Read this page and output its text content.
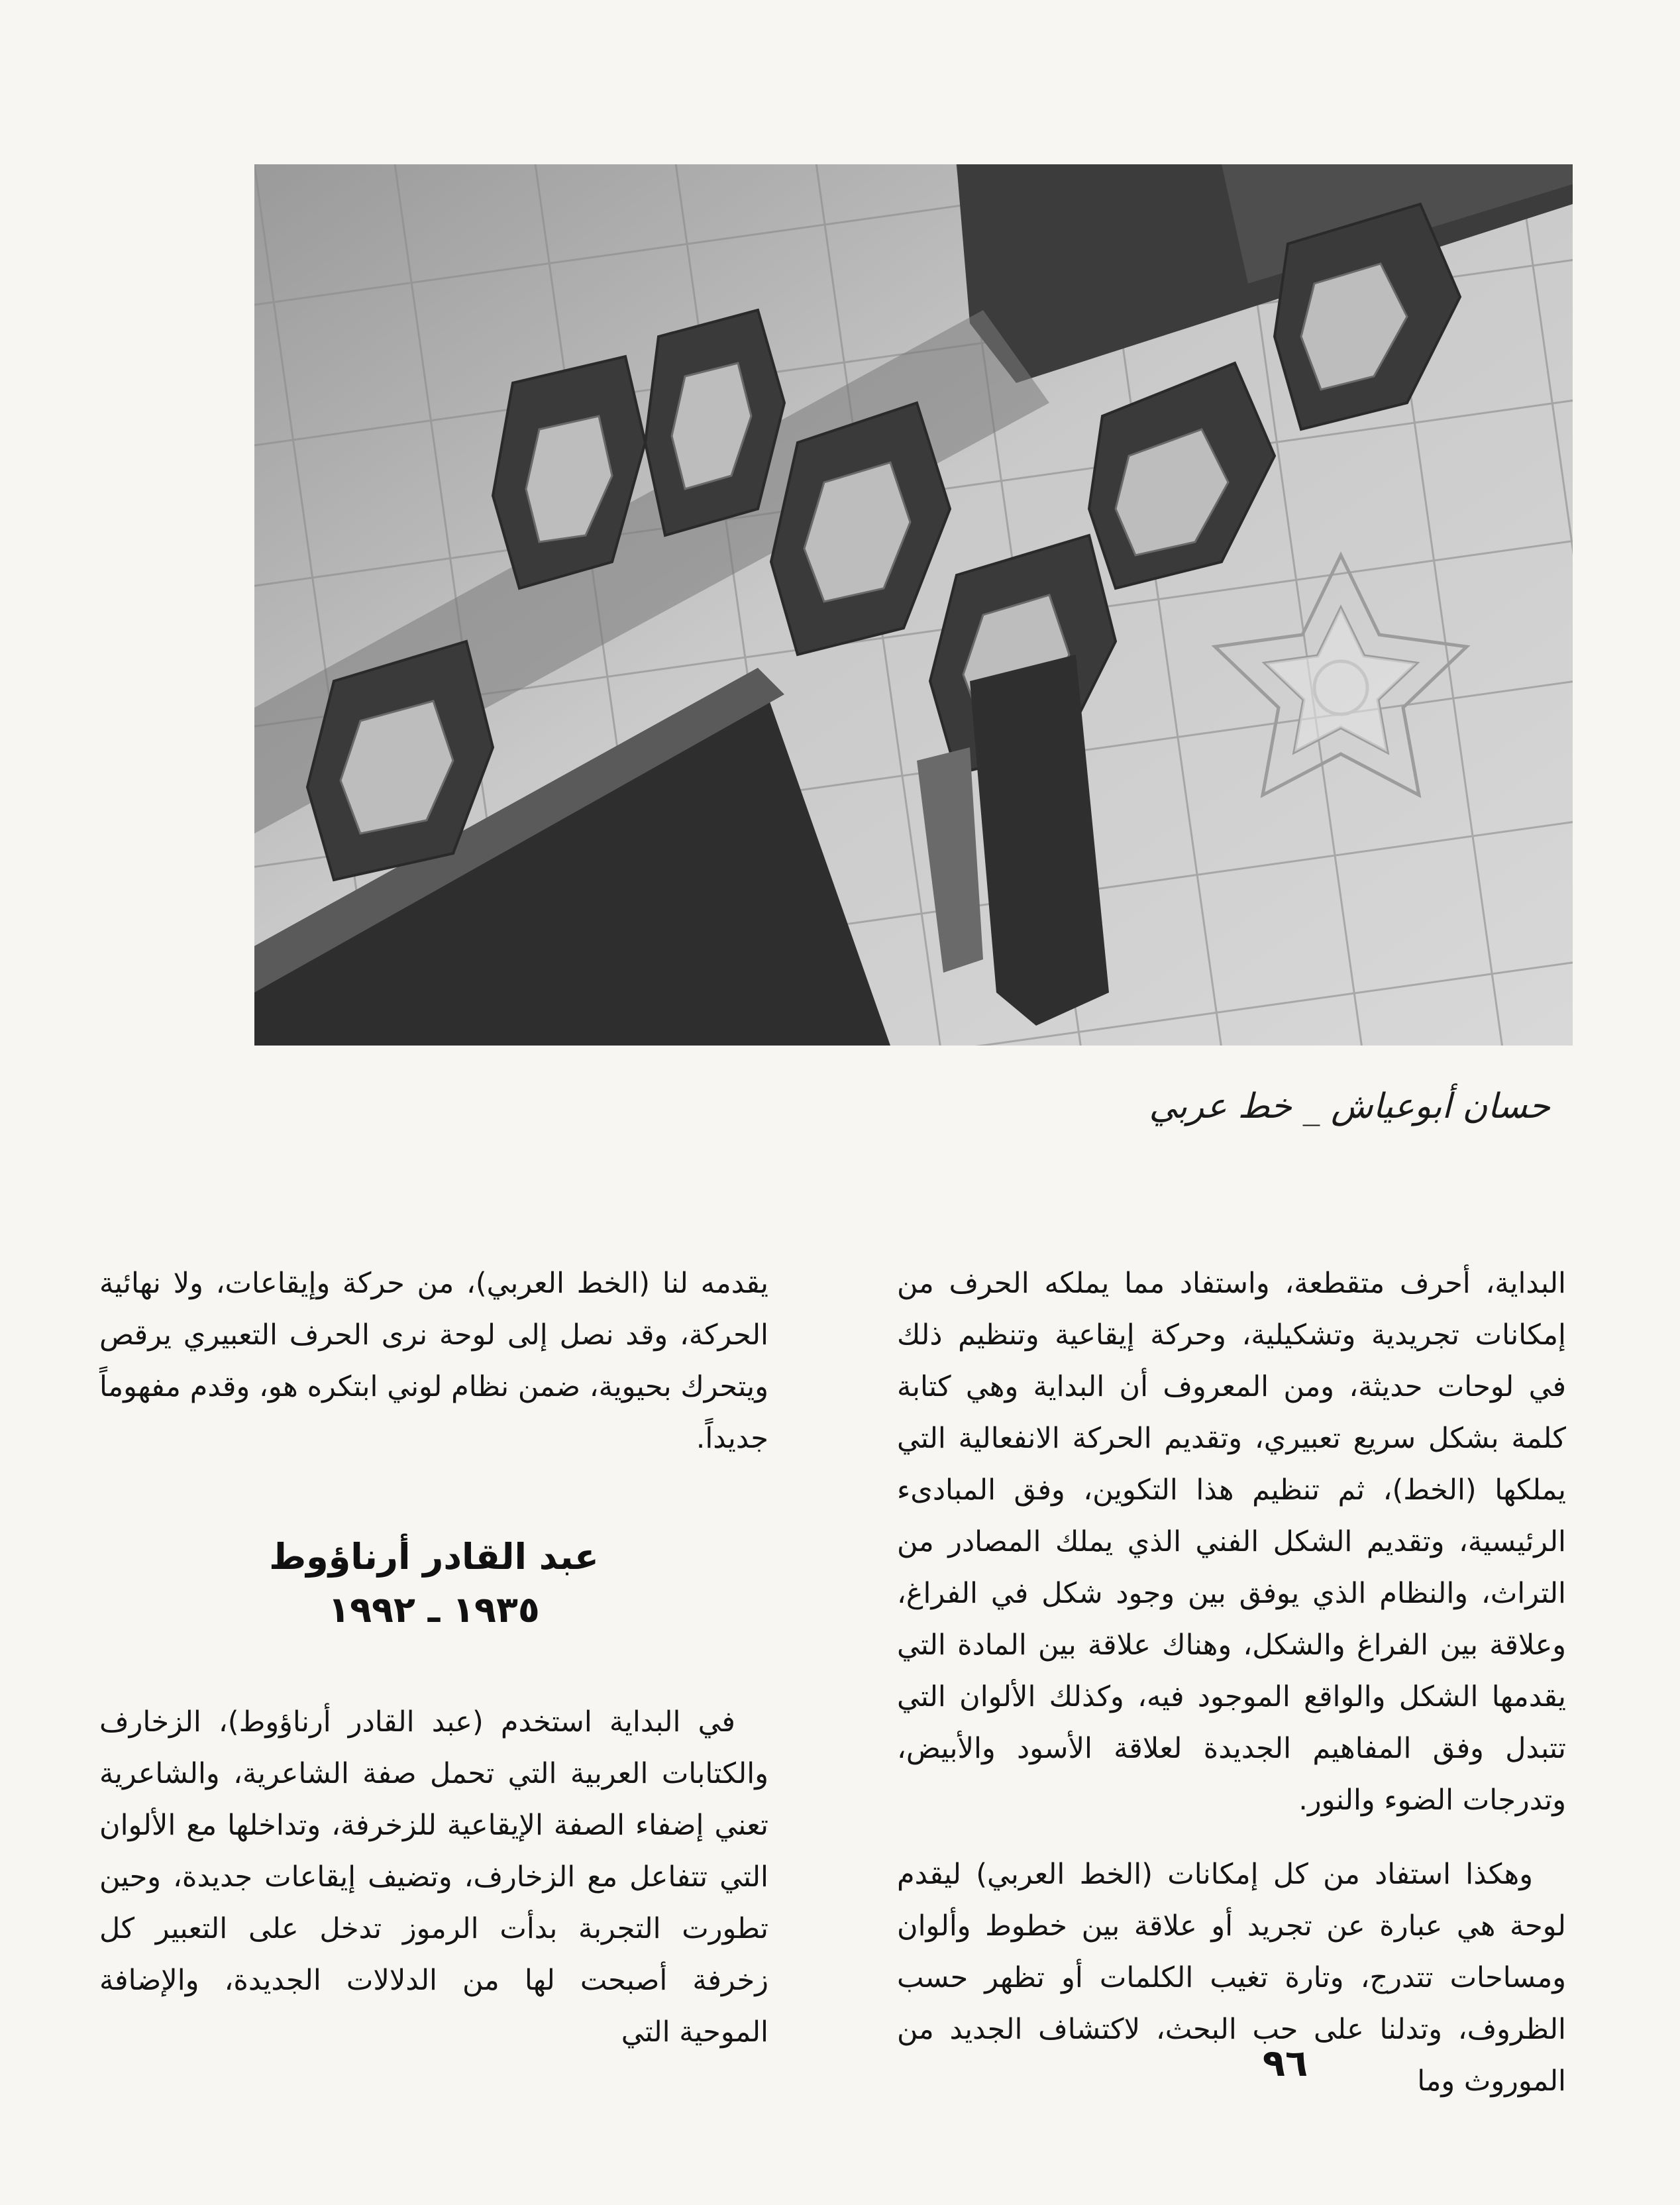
حسان أبوعياش _ خط عربي

البداية، أحرف متقطعة، واستفاد مما يملكه الحرف من إمكانات تجريدية وتشكيلية، وحركة إيقاعية وتنظيم ذلك في لوحات حديثة، ومن المعروف أن البداية وهي كتابة كلمة بشكل سريع تعبيري، وتقديم الحركة الانفعالية التي يملكها (الخط)، ثم تنظيم هذا التكوين، وفق المبادىء الرئيسية، وتقديم الشكل الفني الذي يملك المصادر من التراث، والنظام الذي يوفق بين وجود شكل في الفراغ، وعلاقة بين الفراغ والشكل، وهناك علاقة بين المادة التي يقدمها الشكل والواقع الموجود فيه، وكذلك الألوان التي تتبدل وفق المفاهيم الجديدة لعلاقة الأسود والأبيض، وتدرجات الضوء والنور.

وهكذا استفاد من كل إمكانات (الخط العربي) ليقدم لوحة هي عبارة عن تجريد أو علاقة بين خطوط وألوان ومساحات تتدرج، وتارة تغيب الكلمات أو تظهر حسب الظروف، وتدلنا على حب البحث، لاكتشاف الجديد من الموروث وما

يقدمه لنا (الخط العربي)، من حركة وإيقاعات، ولا نهائية الحركة، وقد نصل إلى لوحة نرى الحرف التعبيري يرقص ويتحرك بحيوية، ضمن نظام لوني ابتكره هو، وقدم مفهوماً جديداً.

عبد القادر أرناؤوط
١٩٣٥ ـ ١٩٩٢

في البداية استخدم (عبد القادر أرناؤوط)، الزخارف والكتابات العربية التي تحمل صفة الشاعرية، والشاعرية تعني إضفاء الصفة الإيقاعية للزخرفة، وتداخلها مع الألوان التي تتفاعل مع الزخارف، وتضيف إيقاعات جديدة، وحين تطورت التجربة بدأت الرموز تدخل على التعبير كل زخرفة أصبحت لها من الدلالات الجديدة، والإضافة الموحية التي

٩٦
